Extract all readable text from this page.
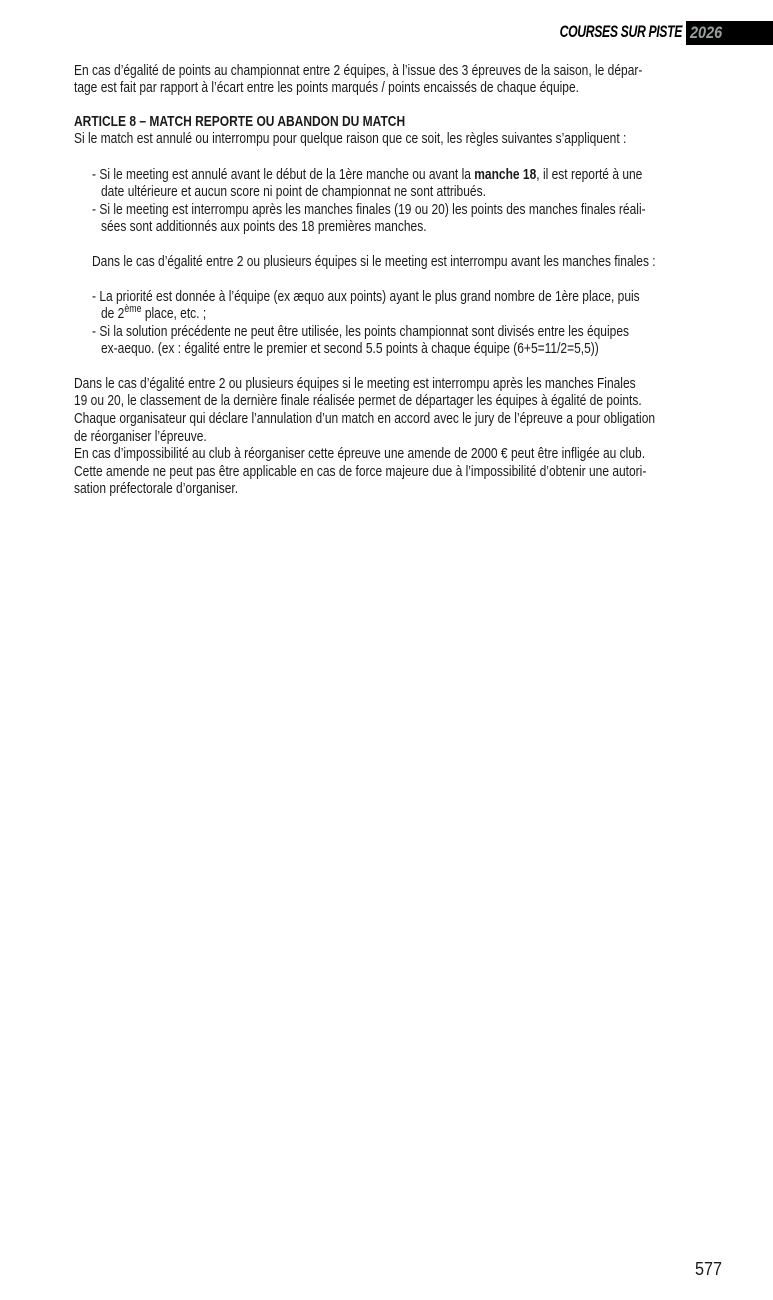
COURSES SUR PISTE 2026
En cas d’égalité de points au championnat entre 2 équipes, à l’issue des 3 épreuves de la saison, le dépar-
tage est fait par rapport à l’écart entre les points marqués / points encaissés de chaque équipe.
ARTICLE 8 – MATCH REPORTE OU ABANDON DU MATCH
Si le match est annulé ou interrompu pour quelque raison que ce soit, les règles suivantes s’appliquent :
- Si le meeting est annulé avant le début de la 1ère manche ou avant la manche 18, il est reporté à une
date ultérieure et aucun score ni point de championnat ne sont attribués.
- Si le meeting est interrompu après les manches finales (19 ou 20) les points des manches finales réali-
sées sont additionnés aux points des 18 premières manches.
Dans le cas d’égalité entre 2 ou plusieurs équipes si le meeting est interrompu avant les manches finales :
- La priorité est donnée à l’équipe (ex æquo aux points) ayant le plus grand nombre de 1ère place, puis
de 2ème place, etc. ;
- Si la solution précédente ne peut être utilisée, les points championnat sont divisés entre les équipes
ex-aequo. (ex : égalité entre le premier et second 5.5 points à chaque équipe (6+5=11/2=5,5))
Dans le cas d’égalité entre 2 ou plusieurs équipes si le meeting est interrompu après les manches Finales
19 ou 20, le classement de la dernière finale réalisée permet de départager les équipes à égalité de points.
Chaque organisateur qui déclare l’annulation d’un match en accord avec le jury de l’épreuve a pour obligation
de réorganiser l’épreuve.
En cas d’impossibilité au club à réorganiser cette épreuve une amende de 2000 € peut être infligée au club.
Cette amende ne peut pas être applicable en cas de force majeure due à l’impossibilité d’obtenir une autori-
sation préfectorale d’organiser.
577
